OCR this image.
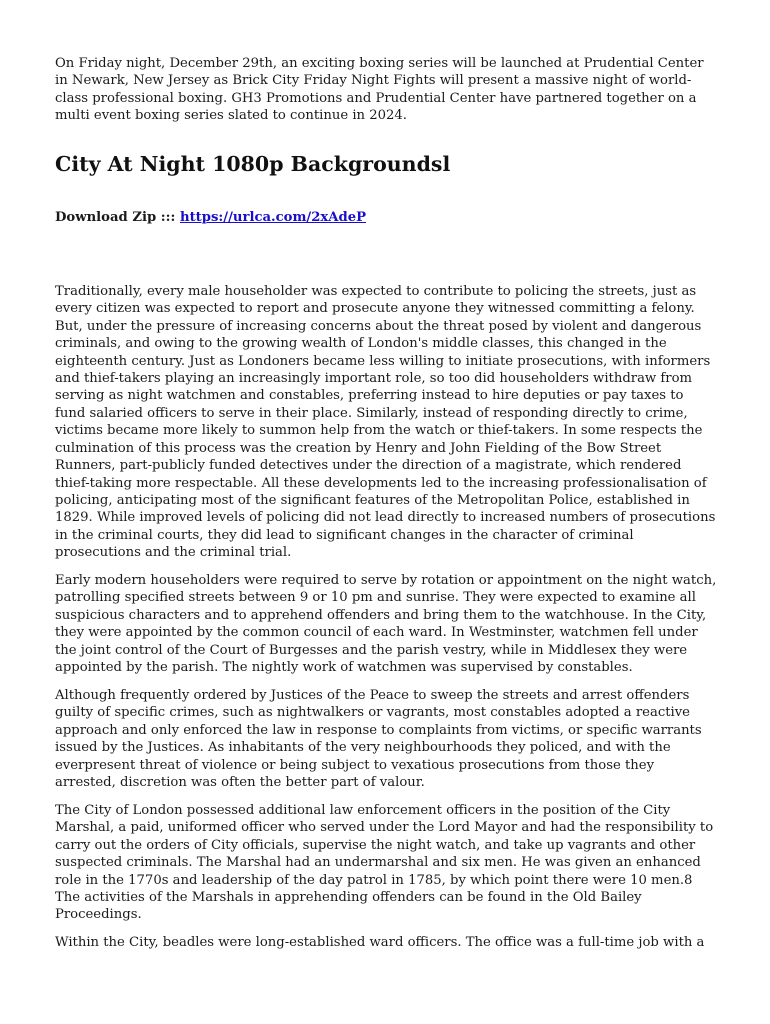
On Friday night, December 29th, an exciting boxing series will be launched at Prudential Center in Newark, New Jersey as Brick City Friday Night Fights will present a massive night of world-class professional boxing. GH3 Promotions and Prudential Center have partnered together on a multi event boxing series slated to continue in 2024.

City At Night 1080p Backgroundsl
Download Zip ::: https://urlca.com/2xAdeP

Traditionally, every male householder was expected to contribute to policing the streets, just as every citizen was expected to report and prosecute anyone they witnessed committing a felony. But, under the pressure of increasing concerns about the threat posed by violent and dangerous criminals, and owing to the growing wealth of London's middle classes, this changed in the eighteenth century. Just as Londoners became less willing to initiate prosecutions, with informers and thief-takers playing an increasingly important role, so too did householders withdraw from serving as night watchmen and constables, preferring instead to hire deputies or pay taxes to fund salaried officers to serve in their place. Similarly, instead of responding directly to crime, victims became more likely to summon help from the watch or thief-takers. In some respects the culmination of this process was the creation by Henry and John Fielding of the Bow Street Runners, part-publicly funded detectives under the direction of a magistrate, which rendered thief-taking more respectable. All these developments led to the increasing professionalisation of policing, anticipating most of the significant features of the Metropolitan Police, established in 1829. While improved levels of policing did not lead directly to increased numbers of prosecutions in the criminal courts, they did lead to significant changes in the character of criminal prosecutions and the criminal trial.

Early modern householders were required to serve by rotation or appointment on the night watch, patrolling specified streets between 9 or 10 pm and sunrise. They were expected to examine all suspicious characters and to apprehend offenders and bring them to the watchhouse. In the City, they were appointed by the common council of each ward. In Westminster, watchmen fell under the joint control of the Court of Burgesses and the parish vestry, while in Middlesex they were appointed by the parish. The nightly work of watchmen was supervised by constables.

Although frequently ordered by Justices of the Peace to sweep the streets and arrest offenders guilty of specific crimes, such as nightwalkers or vagrants, most constables adopted a reactive approach and only enforced the law in response to complaints from victims, or specific warrants issued by the Justices. As inhabitants of the very neighbourhoods they policed, and with the everpresent threat of violence or being subject to vexatious prosecutions from those they arrested, discretion was often the better part of valour.

The City of London possessed additional law enforcement officers in the position of the City Marshal, a paid, uniformed officer who served under the Lord Mayor and had the responsibility to carry out the orders of City officials, supervise the night watch, and take up vagrants and other suspected criminals. The Marshal had an undermarshal and six men. He was given an enhanced role in the 1770s and leadership of the day patrol in 1785, by which point there were 10 men.8 The activities of the Marshals in apprehending offenders can be found in the Old Bailey Proceedings.

Within the City, beadles were long-established ward officers. The office was a full-time job with a
